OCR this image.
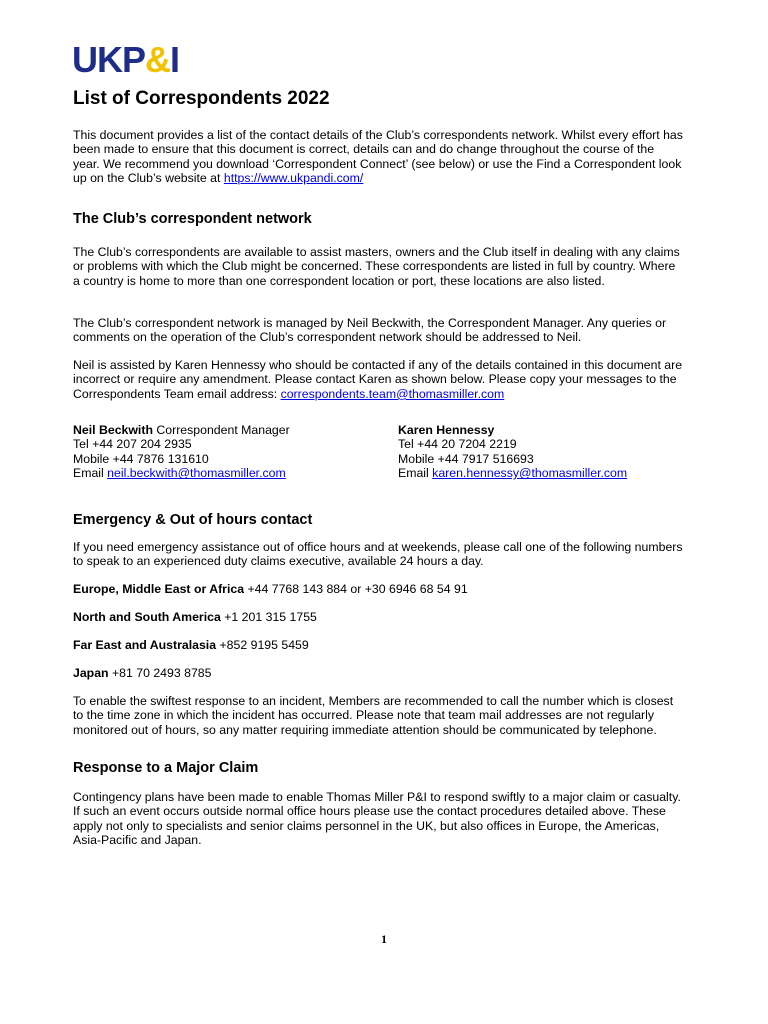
UKP&I
List of Correspondents 2022

This document provides a list of the contact details of the Club’s correspondents network. Whilst every effort has been made to ensure that this document is correct, details can and do change throughout the course of the year. We recommend you download ‘Correspondent Connect’ (see below) or use the Find a Correspondent look up on the Club’s website at https://www.ukpandi.com/

The Club’s correspondent network

The Club’s correspondents are available to assist masters, owners and the Club itself in dealing with any claims or problems with which the Club might be concerned. These correspondents are listed in full by country. Where a country is home to more than one correspondent location or port, these locations are also listed.

The Club’s correspondent network is managed by Neil Beckwith, the Correspondent Manager. Any queries or comments on the operation of the Club’s correspondent network should be addressed to Neil.

Neil is assisted by Karen Hennessy who should be contacted if any of the details contained in this document are incorrect or require any amendment. Please contact Karen as shown below. Please copy your messages to the Correspondents Team email address: correspondents.team@thomasmiller.com

Neil Beckwith Correspondent Manager
Tel +44 207 204 2935
Mobile +44 7876 131610
Email neil.beckwith@thomasmiller.com
Karen Hennessy
Tel +44 20 7204 2219
Mobile +44 7917 516693
Email karen.hennessy@thomasmiller.com
Emergency & Out of hours contact

If you need emergency assistance out of office hours and at weekends, please call one of the following numbers to speak to an experienced duty claims executive, available 24 hours a day.

Europe, Middle East or Africa +44 7768 143 884 or +30 6946 68 54 91

North and South America +1 201 315 1755

Far East and Australasia +852 9195 5459

Japan +81 70 2493 8785

To enable the swiftest response to an incident, Members are recommended to call the number which is closest to the time zone in which the incident has occurred. Please note that team mail addresses are not regularly monitored out of hours, so any matter requiring immediate attention should be communicated by telephone.

Response to a Major Claim

Contingency plans have been made to enable Thomas Miller P&I to respond swiftly to a major claim or casualty. If such an event occurs outside normal office hours please use the contact procedures detailed above. These apply not only to specialists and senior claims personnel in the UK, but also offices in Europe, the Americas, Asia-Pacific and Japan.

1
